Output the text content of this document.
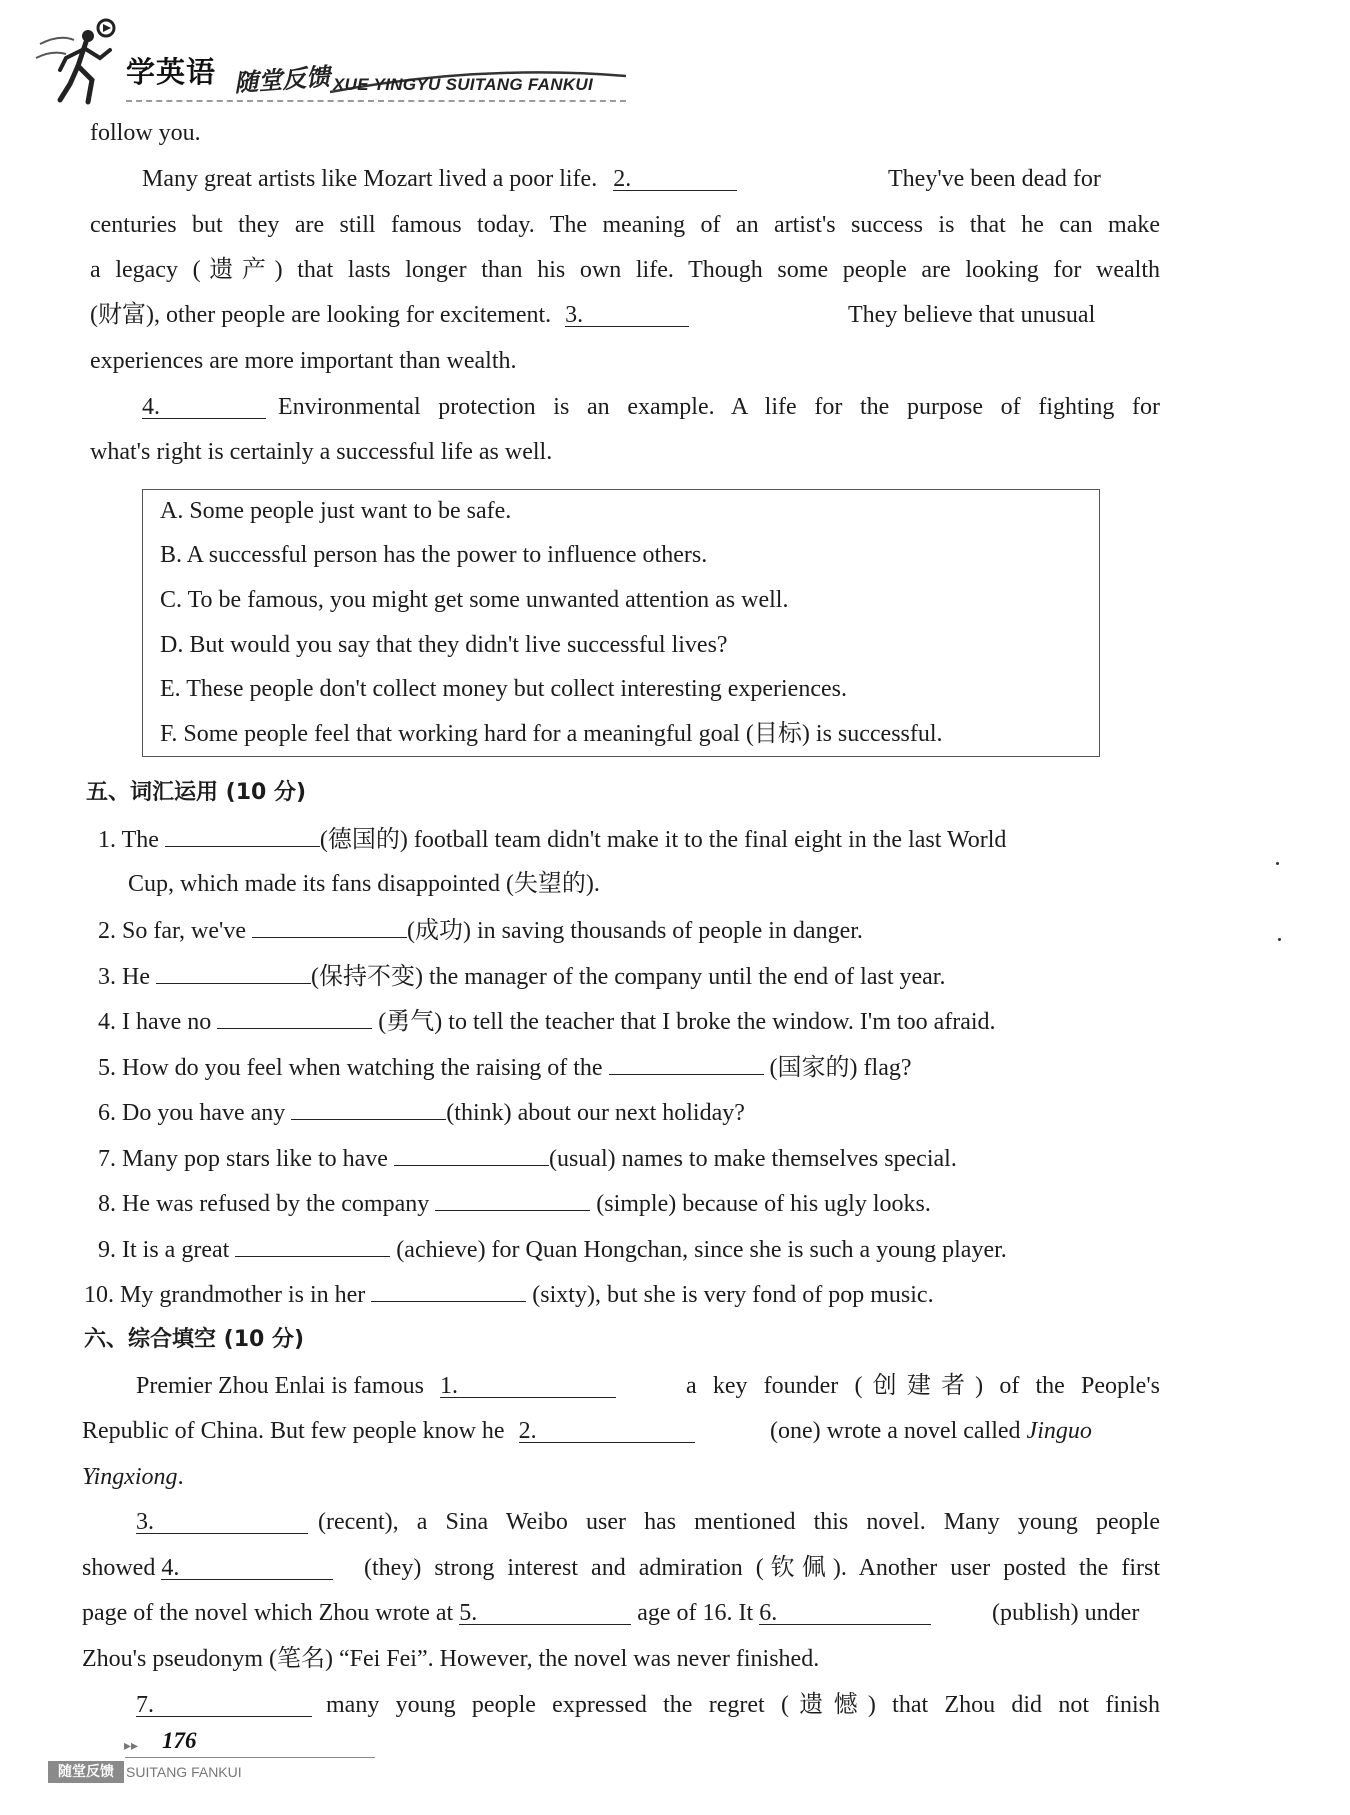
学英语 随堂反馈 XUE YINGYU SUITANG FANKUI
follow you.
Many great artists like Mozart lived a poor life. 2.	They've been dead for
centuries but they are still famous today. The meaning of an artist's success is that he can make
a legacy (遗产) that lasts longer than his own life. Though some people are looking for wealth
(财富), other people are looking for excitement. 3.	They believe that unusual
experiences are more important than wealth.
4.	Environmental protection is an example. A life for the purpose of fighting for
what's right is certainly a successful life as well.
A. Some people just want to be safe.
B. A successful person has the power to influence others.
C. To be famous, you might get some unwanted attention as well.
D. But would you say that they didn't live successful lives?
E. These people don't collect money but collect interesting experiences.
F. Some people feel that working hard for a meaningful goal (目标) is successful.
五、词汇运用 (10 分)
1. The	(德国的) football team didn't make it to the final eight in the last World
Cup, which made its fans disappointed (失望的).
2. So far, we've	(成功) in saving thousands of people in danger.
3. He	(保持不变) the manager of the company until the end of last year.
4. I have no	(勇气) to tell the teacher that I broke the window. I'm too afraid.
5. How do you feel when watching the raising of the	(国家的) flag?
6. Do you have any	(think) about our next holiday?
7. Many pop stars like to have	(usual) names to make themselves special.
8. He was refused by the company	(simple) because of his ugly looks.
9. It is a great	(achieve) for Quan Hongchan, since she is such a young player.
10. My grandmother is in her	(sixty), but she is very fond of pop music.
六、综合填空 (10 分)
Premier Zhou Enlai is famous 1.	a key founder (创建者) of the People's
Republic of China. But few people know he 2.	(one) wrote a novel called Jinguo
Yingxiong.
3.	(recent), a Sina Weibo user has mentioned this novel. Many young people
showed 4.	(they) strong interest and admiration (钦佩). Another user posted the first
page of the novel which Zhou wrote at 5.	age of 16. It 6.	(publish) under
Zhou's pseudonym (笔名) “Fei Fei”. However, the novel was never finished.
7.	many young people expressed the regret (遗憾) that Zhou did not finish
▸▸ 176
随堂反馈 SUITANG FANKUI
